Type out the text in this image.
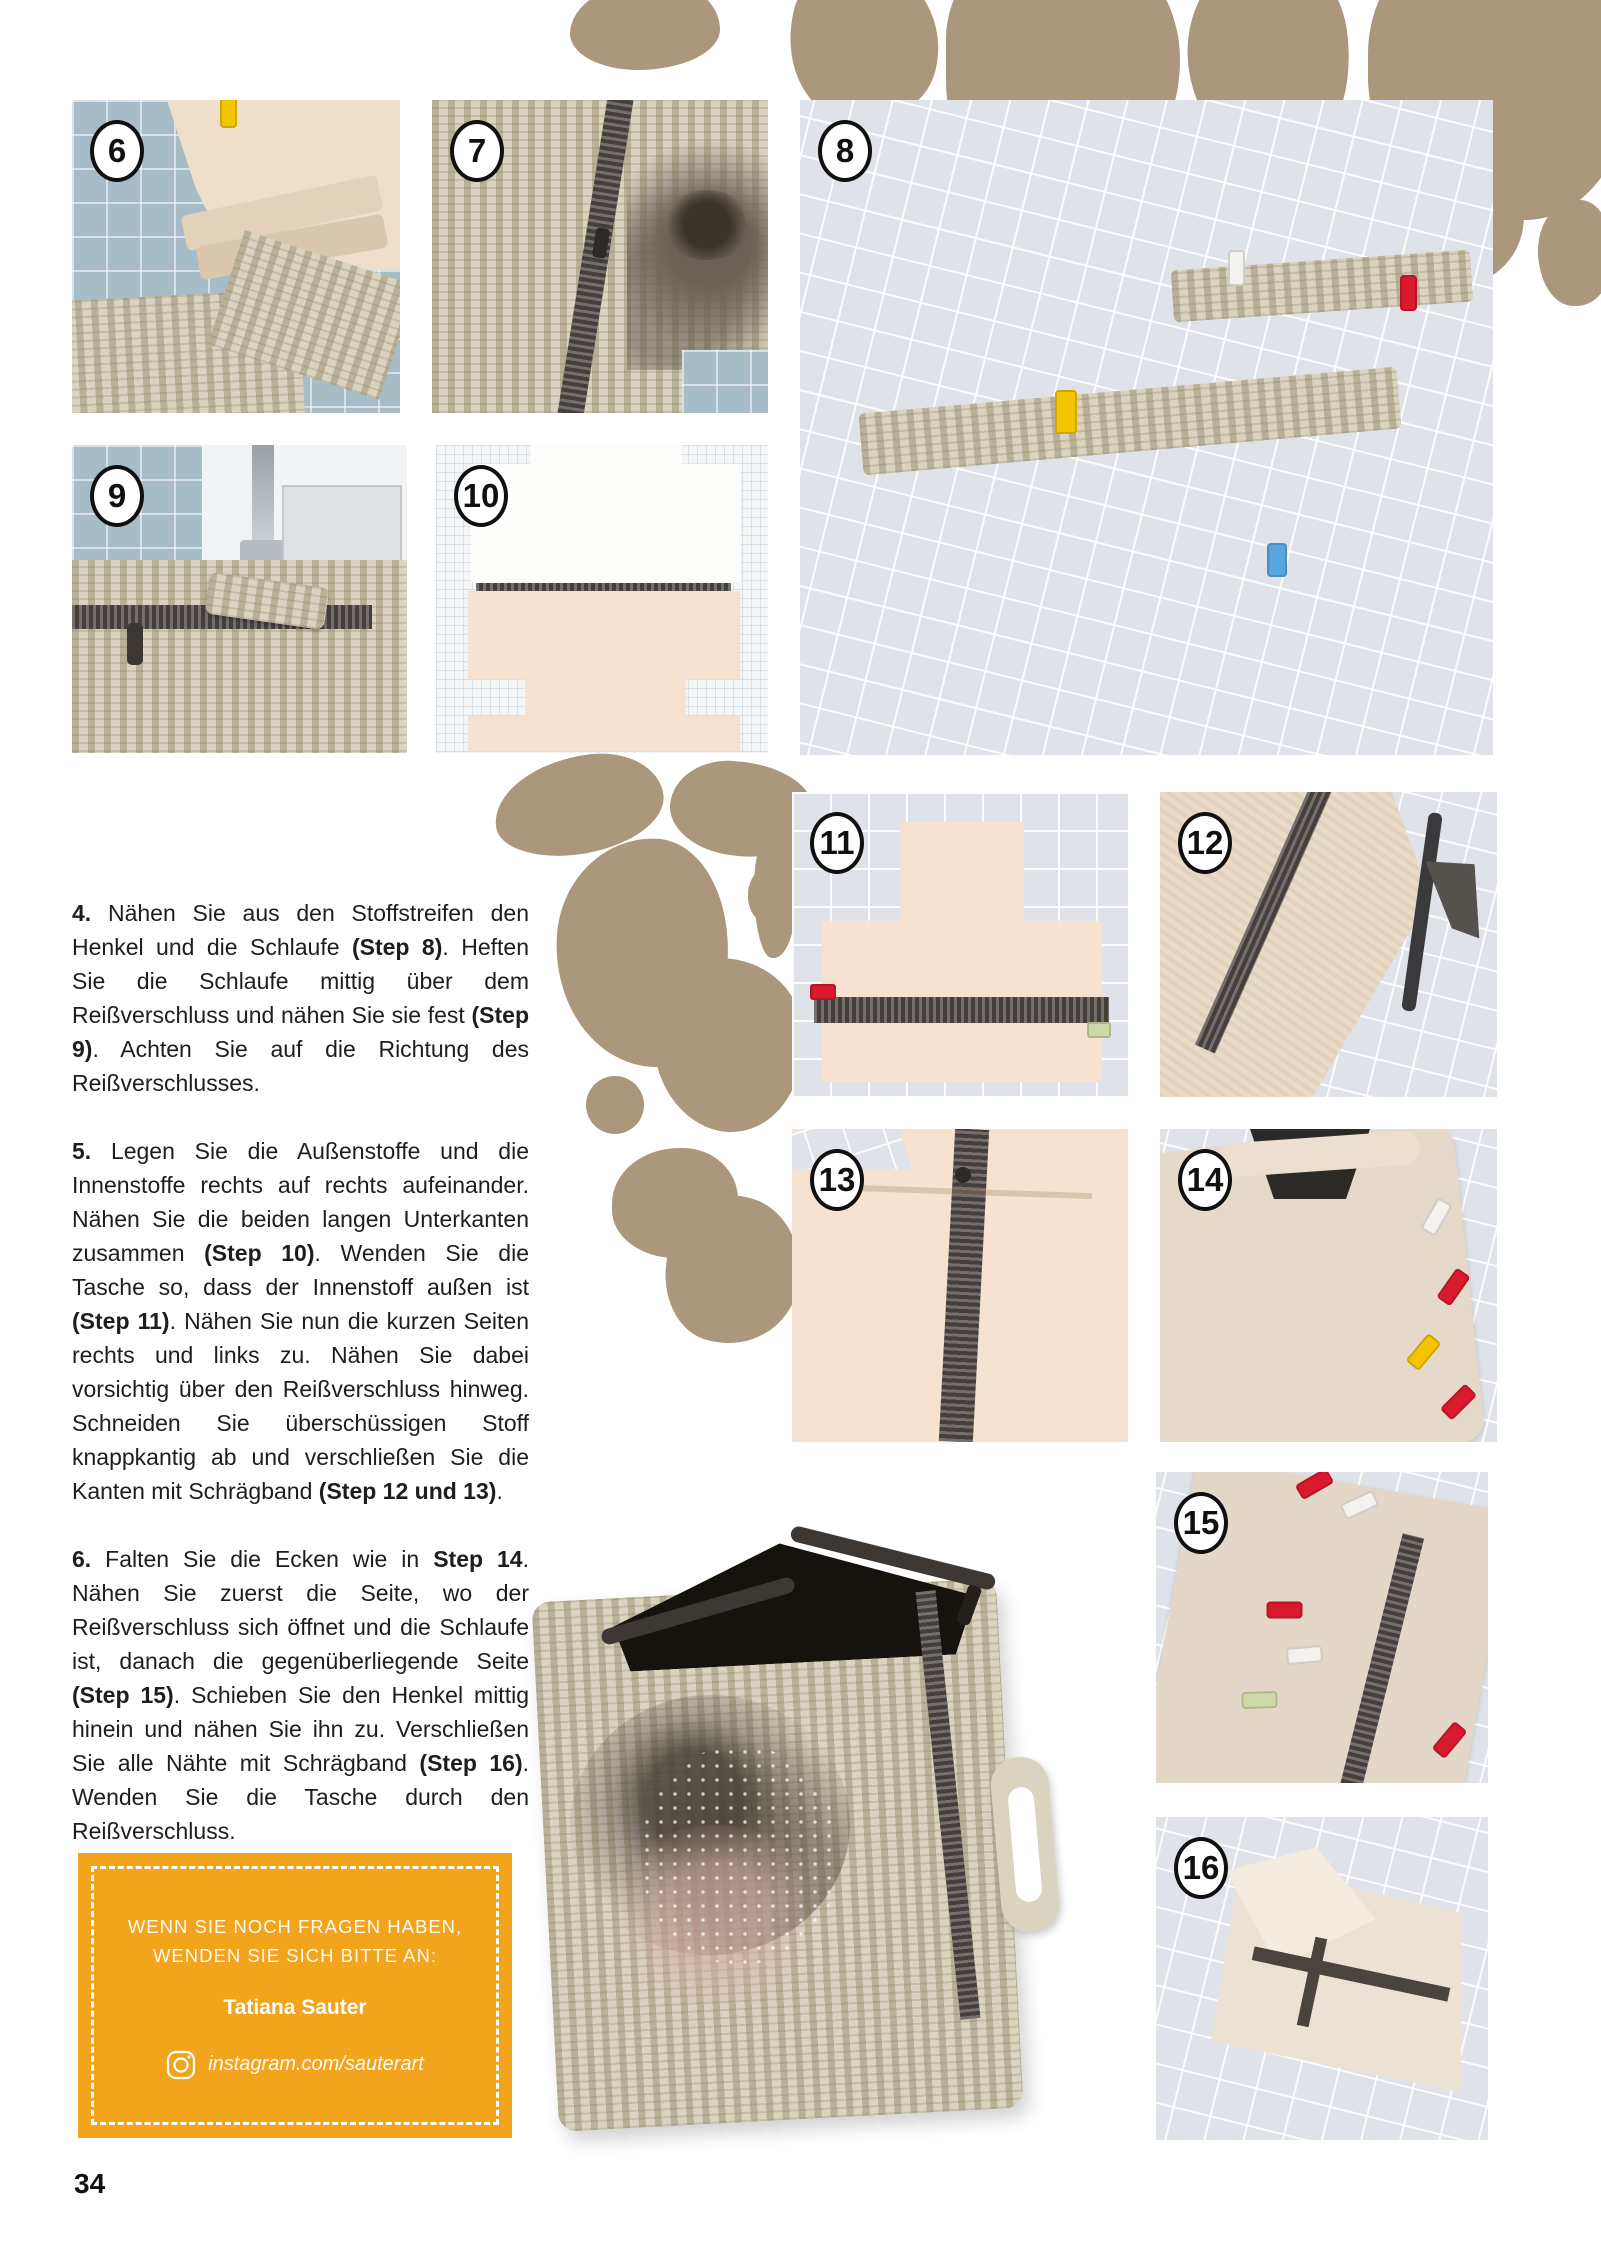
6	7	8
9	10
11	12
13	14
15
16

4. Nähen Sie aus den Stoffstreifen den Henkel und die Schlaufe (Step 8). Heften Sie die Schlaufe mittig über dem Reißverschluss und nähen Sie sie fest (Step 9). Achten Sie auf die Richtung des Reißverschlusses.

5. Legen Sie die Außenstoffe und die Innenstoffe rechts auf rechts aufeinander. Nähen Sie die beiden langen Unterkanten zusammen (Step 10). Wenden Sie die Tasche so, dass der Innenstoff außen ist (Step 11). Nähen Sie nun die kurzen Seiten rechts und links zu. Nähen Sie dabei vorsichtig über den Reißverschluss hinweg. Schneiden Sie überschüssigen Stoff knappkantig ab und verschließen Sie die Kanten mit Schrägband (Step 12 und 13).

6. Falten Sie die Ecken wie in Step 14. Nähen Sie zuerst die Seite, wo der Reißverschluss sich öffnet und die Schlaufe ist, danach die gegenüberliegende Seite (Step 15). Schieben Sie den Henkel mittig hinein und nähen Sie ihn zu. Verschließen Sie alle Nähte mit Schrägband (Step 16). Wenden Sie die Tasche durch den Reißverschluss.

WENN SIE NOCH FRAGEN HABEN,
WENDEN SIE SICH BITTE AN:
Tatiana Sauter
instagram.com/sauterart
34
